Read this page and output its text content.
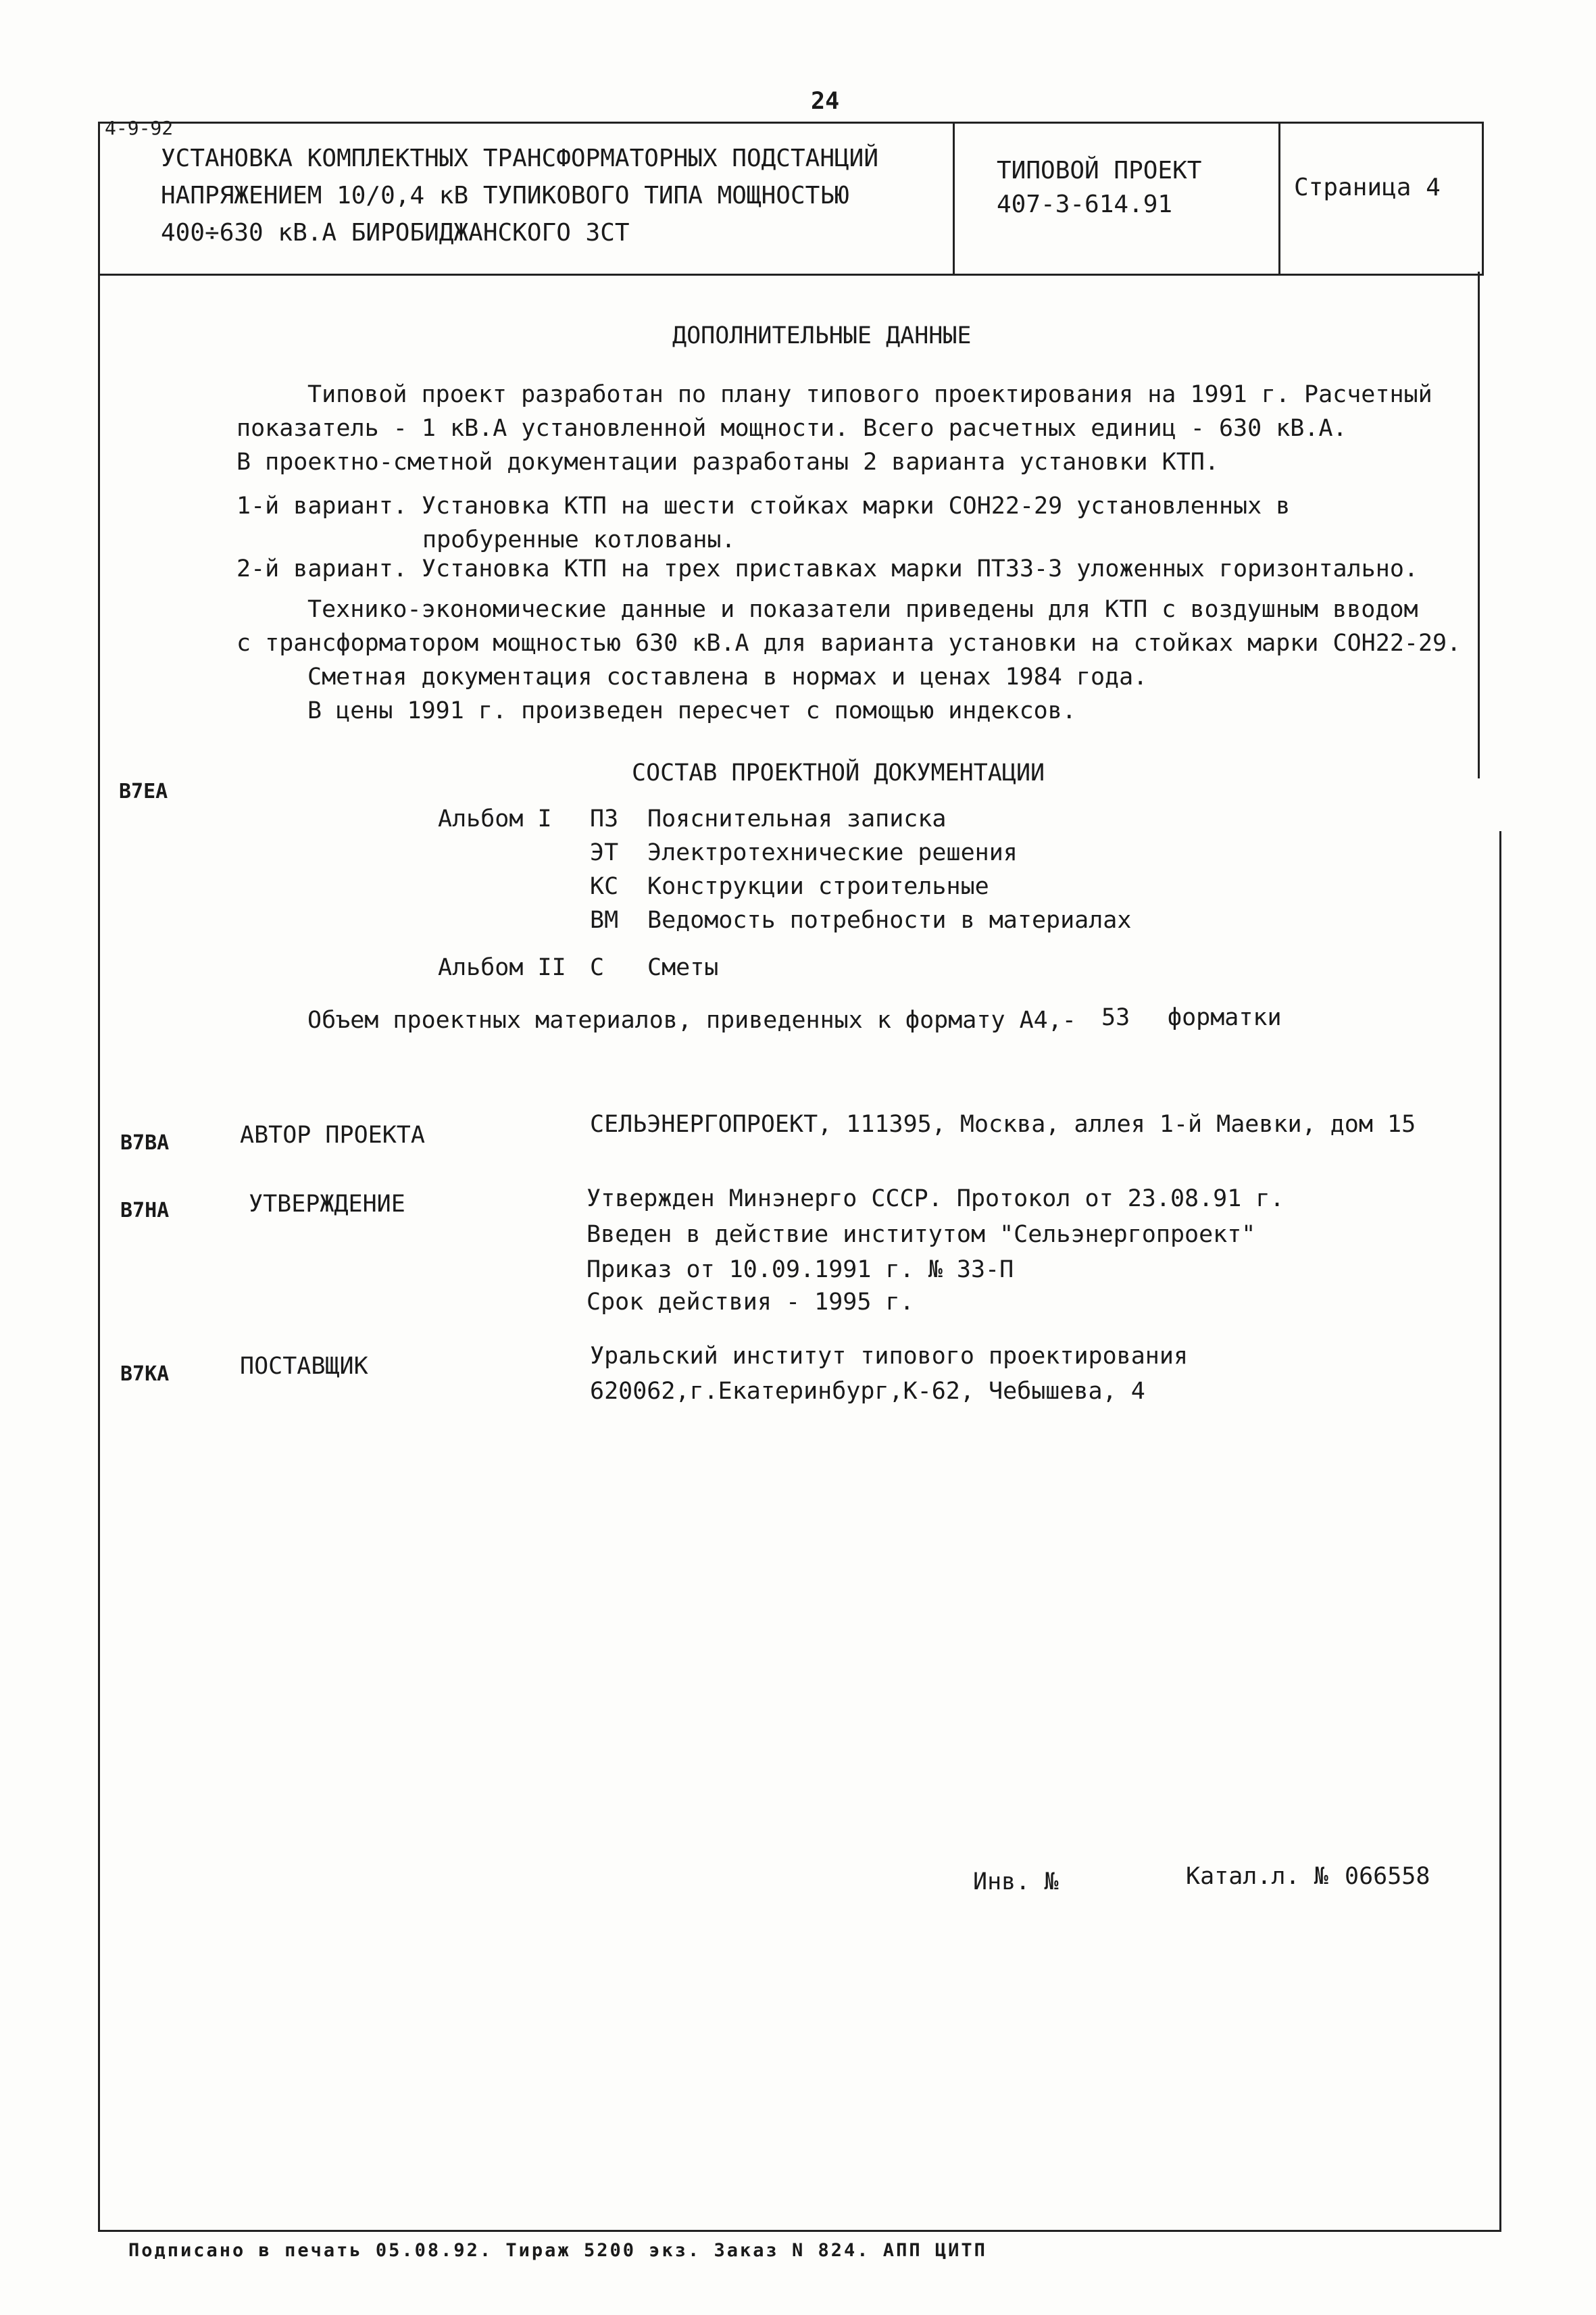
4-9-92
24
УСТАНОВКА КОМПЛЕКТНЫХ ТРАНСФОРМАТОРНЫХ ПОДСТАНЦИЙ
НАПРЯЖЕНИЕМ 10/0,4 кВ ТУПИКОВОГО ТИПА МОЩНОСТЬЮ
400÷630 кВ.А БИРОБИДЖАНСКОГО ЗСТ
ТИПОВОЙ ПРОЕКТ
407-3-614.91
Страница 4
ДОПОЛНИТЕЛЬНЫЕ ДАННЫЕ
Типовой проект разработан по плану типового проектирования на 1991 г. Расчетный
показатель - 1 кВ.А установленной мощности. Всего расчетных единиц - 630 кВ.А.
В проектно-сметной документации разработаны 2 варианта установки КТП.
1-й вариант. Установка КТП на шести стойках марки СОН22-29 установленных в
пробуренные котлованы.
2-й вариант. Установка КТП на трех приставках марки ПТ33-3 уложенных горизонтально.
Технико-экономические данные и показатели приведены для КТП с воздушным вводом
с трансформатором мощностью 630 кВ.А для варианта установки на стойках марки СОН22-29.
Сметная документация составлена в нормах и ценах 1984 года.
В цены 1991 г. произведен пересчет с помощью индексов.
В7ЕА
СОСТАВ ПРОЕКТНОЙ ДОКУМЕНТАЦИИ
Альбом I ПЗ Пояснительная записка
ЭТ Электротехнические решения
КС Конструкции строительные
ВМ Ведомость потребности в материалах
Альбом II С Сметы
Объем проектных материалов, приведенных к формату А4,- 53 форматки
В7ВА	АВТОР ПРОЕКТА	СЕЛЬЭНЕРГОПРОЕКТ, 111395, Москва, аллея 1-й Маевки, дом 15
В7НА	УТВЕРЖДЕНИЕ	Утвержден Минэнерго СССР. Протокол от 23.08.91 г.
Введен в действие институтом "Сельэнергопроект"
Приказ от 10.09.1991 г. № 33-П
Срок действия - 1995 г.
В7КА	ПОСТАВЩИК	Уральский институт типового проектирования
620062,г.Екатеринбург,К-62, Чебышева, 4
Инв. №	Катал.л. № 066558
Подписано в печать 05.08.92. Тираж 5200 экз. Заказ N 824. АПП ЦИТП
